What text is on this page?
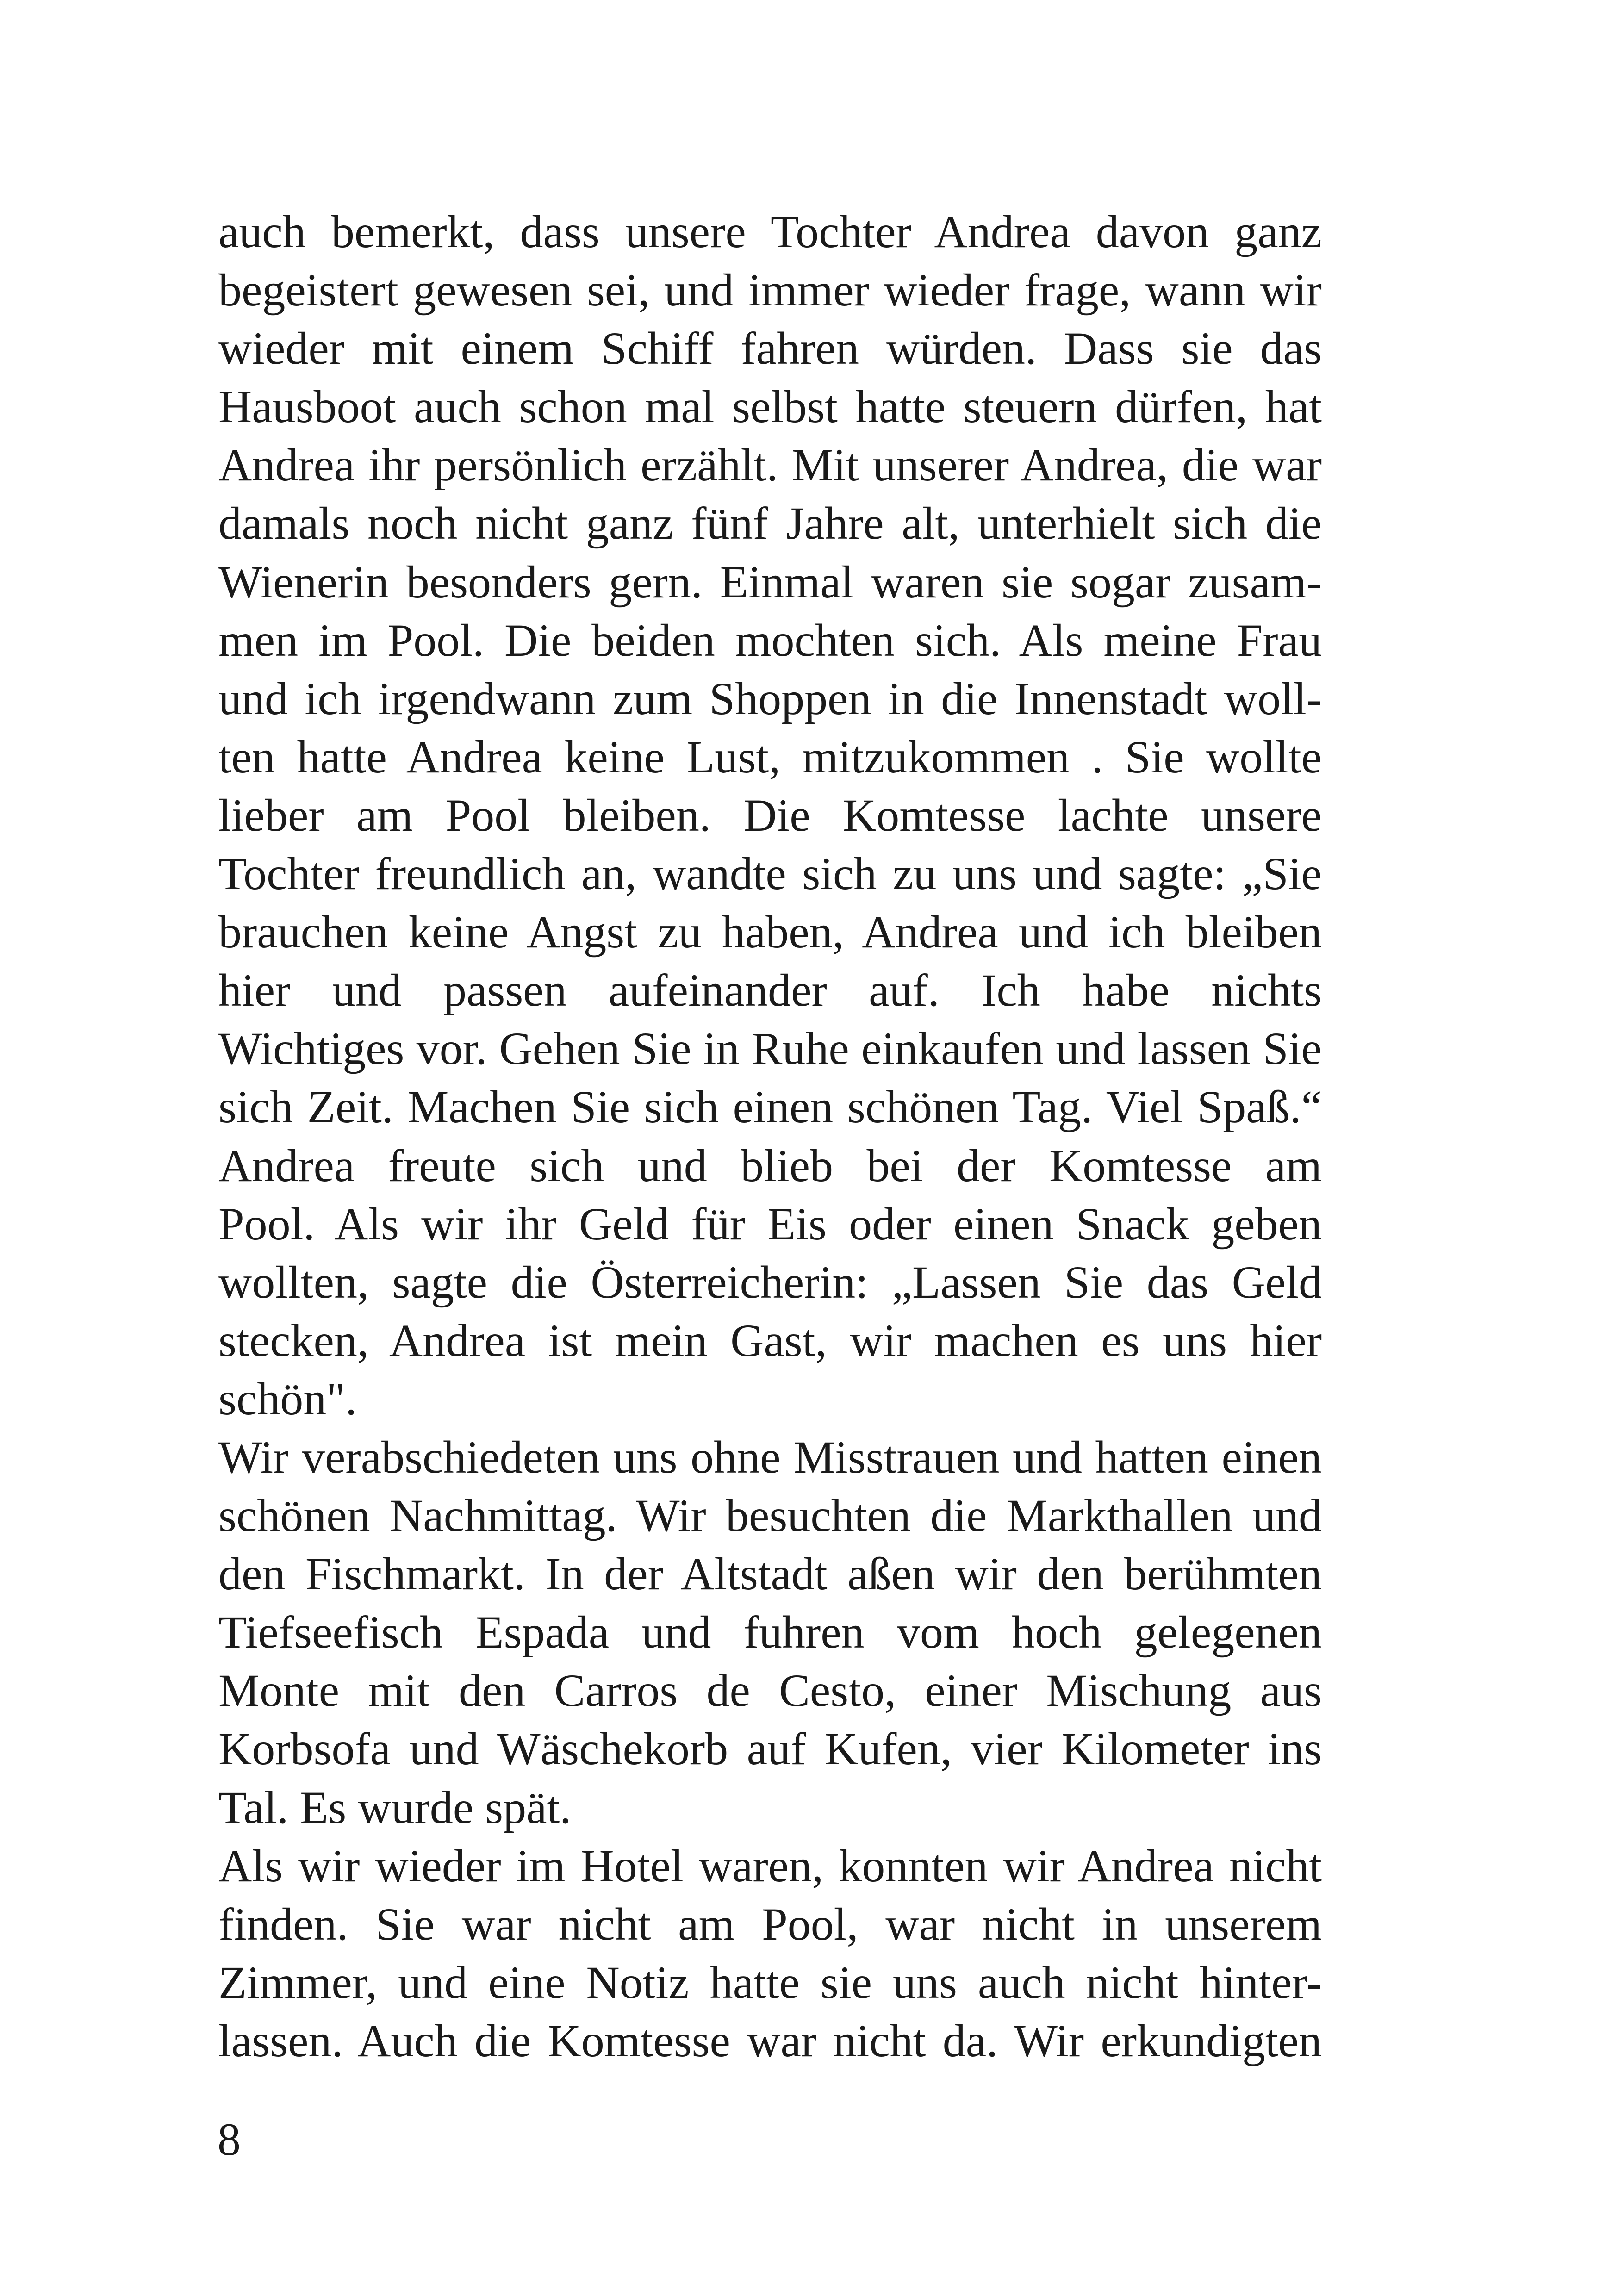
auch bemerkt, dass unsere Tochter Andrea davon ganz
begeistert gewesen sei, und immer wieder frage, wann wir
wieder mit einem Schiff fahren würden. Dass sie das
Hausboot auch schon mal selbst hatte steuern dürfen, hat
Andrea ihr persönlich erzählt. Mit unserer Andrea, die war
damals noch nicht ganz fünf Jahre alt, unterhielt sich die
Wienerin besonders gern. Einmal waren sie sogar zusam-
men im Pool. Die beiden mochten sich. Als meine Frau
und ich irgendwann zum Shoppen in die Innenstadt woll-
ten hatte Andrea keine Lust, mitzukommen . Sie wollte
lieber am Pool bleiben. Die Komtesse lachte unsere
Tochter freundlich an, wandte sich zu uns und sagte: „Sie
brauchen keine Angst zu haben, Andrea und ich bleiben
hier und passen aufeinander auf. Ich habe nichts
Wichtiges vor. Gehen Sie in Ruhe einkaufen und lassen Sie
sich Zeit. Machen Sie sich einen schönen Tag. Viel Spaß.“
Andrea freute sich und blieb bei der Komtesse am
Pool. Als wir ihr Geld für Eis oder einen Snack geben
wollten, sagte die Österreicherin: „Lassen Sie das Geld
stecken, Andrea ist mein Gast, wir machen es uns hier
schön".
Wir verabschiedeten uns ohne Misstrauen und hatten einen
schönen Nachmittag. Wir besuchten die Markthallen und
den Fischmarkt. In der Altstadt aßen wir den berühmten
Tiefseefisch Espada und fuhren vom hoch gelegenen
Monte mit den Carros de Cesto, einer Mischung aus
Korbsofa und Wäschekorb auf Kufen, vier Kilometer ins
Tal. Es wurde spät.
Als wir wieder im Hotel waren, konnten wir Andrea nicht
finden. Sie war nicht am Pool, war nicht in unserem
Zimmer, und eine Notiz hatte sie uns auch nicht hinter-
lassen. Auch die Komtesse war nicht da. Wir erkundigten
8
